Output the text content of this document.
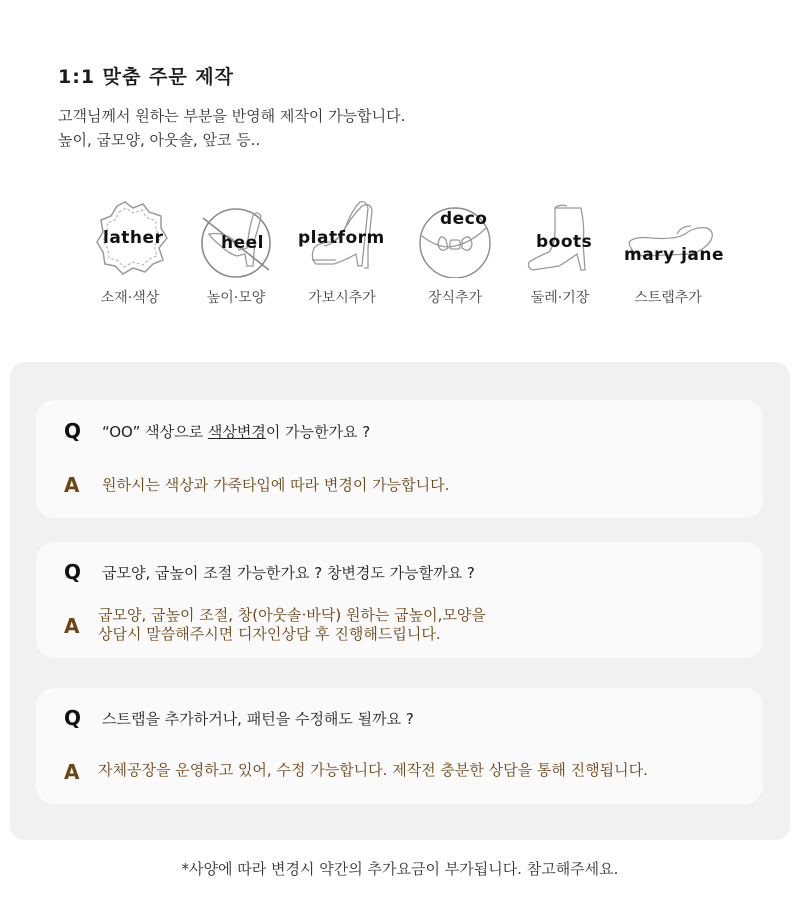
1:1 맞춤 주문 제작
고객님께서 원하는 부분을 반영해 제작이 가능합니다.
높이, 굽모양, 아웃솔, 앞코 등..
lather
소재·색상
heel
높이·모양
platform
가보시추가
deco
장식추가
boots
둘레·기장
mary jane
스트랩추가
Q “OO” 색상으로 색상변경이 가능한가요 ?
A 원하시는 색상과 가죽타입에 따라 변경이 가능합니다.
Q 굽모양, 굽높이 조절 가능한가요 ? 창변경도 가능할까요 ?
A 굽모양, 굽높이 조절, 창(아웃솔·바닥) 원하는 굽높이,모양을
상담시 말씀해주시면 디자인상담 후 진행해드립니다.
Q 스트랩을 추가하거나, 패턴을 수정해도 될까요 ?
A 자체공장을 운영하고 있어, 수정 가능합니다. 제작전 충분한 상담을 통해 진행됩니다.
*사양에 따라 변경시 약간의 추가요금이 부가됩니다. 참고해주세요.
